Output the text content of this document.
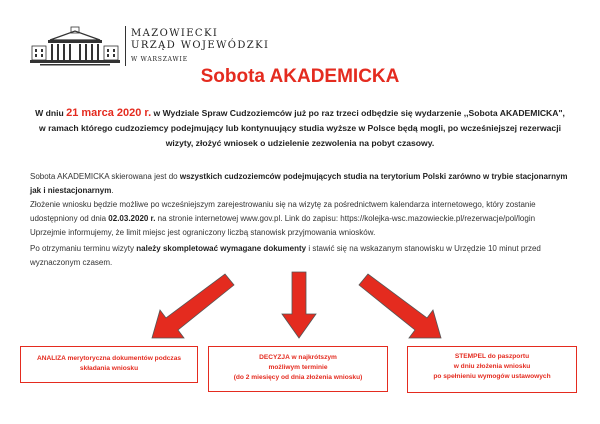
MAZOWIECKI
URZĄD WOJEWÓDZKI
W WARSZAWIE
Sobota AKADEMICKA
W dniu 21 marca 2020 r. w Wydziale Spraw Cudzoziemców już po raz trzeci odbędzie się wydarzenie ,,Sobota AKADEMICKA",
w ramach którego cudzoziemcy podejmujący lub kontynuujący studia wyższe w Polsce będą mogli, po wcześniejszej rezerwacji
wizyty, złożyć wniosek o udzielenie zezwolenia na pobyt czasowy.
Sobota AKADEMICKA skierowana jest do wszystkich cudzoziemców podejmujących studia na terytorium Polski zarówno w trybie stacjonarnym jak i niestacjonarnym.
Złożenie wniosku będzie możliwe po wcześniejszym zarejestrowaniu się na wizytę za pośrednictwem kalendarza internetowego, który zostanie udostępniony od dnia 02.03.2020 r. na stronie internetowej www.gov.pl. Link do zapisu: https://kolejka-wsc.mazowieckie.pl/rezerwacje/pol/login
Uprzejmie informujemy, że limit miejsc jest ograniczony liczbą stanowisk przyjmowania wniosków.
Po otrzymaniu terminu wizyty należy skompletować wymagane dokumenty i stawić się na wskazanym stanowisku w Urzędzie 10 minut przed wyznaczonym czasem.
ANALIZA merytoryczna dokumentów podczas
składania wniosku
DECYZJA w najkrótszym
możliwym terminie
(do 2 miesięcy od dnia złożenia wniosku)
STEMPEL do paszportu
w dniu złożenia wniosku
po spełnieniu wymogów ustawowych
